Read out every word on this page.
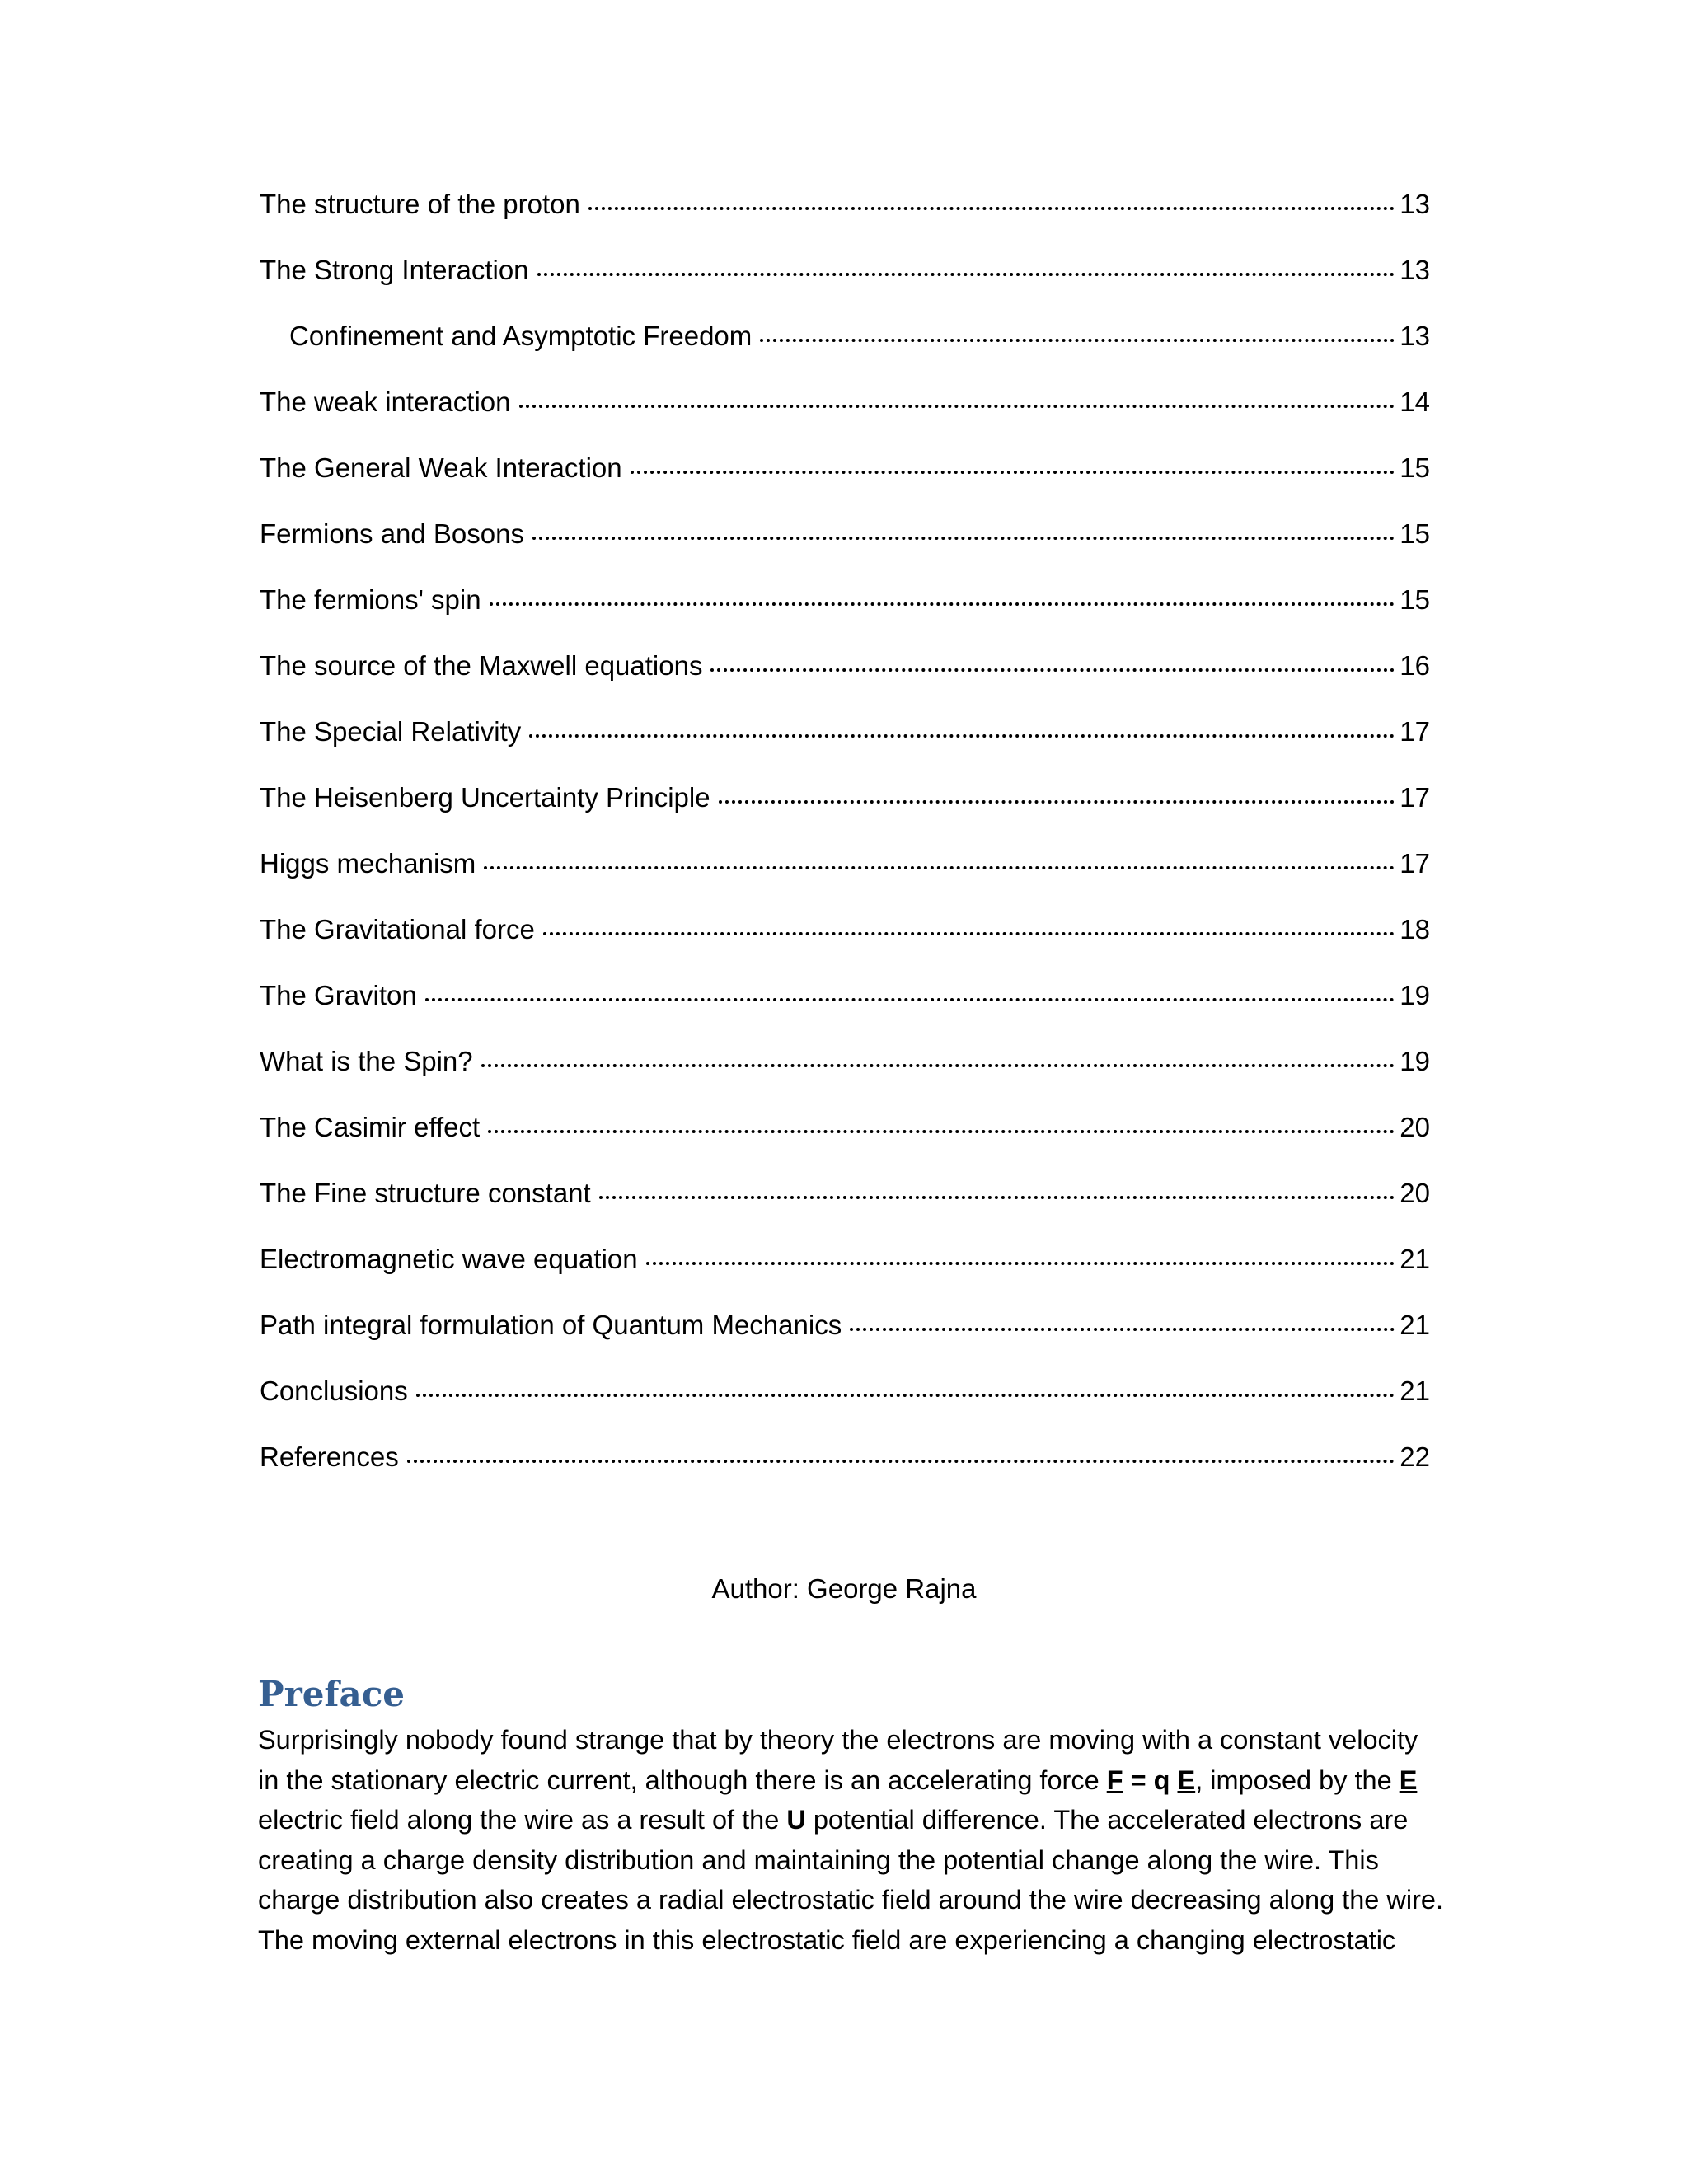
The structure of the proton	13
The Strong Interaction	13
Confinement and Asymptotic Freedom	13
The weak interaction	14
The General Weak Interaction	15
Fermions and Bosons	15
The fermions' spin	15
The source of the Maxwell equations	16
The Special Relativity	17
The Heisenberg Uncertainty Principle	17
Higgs mechanism	17
The Gravitational force	18
The Graviton	19
What is the Spin?	19
The Casimir effect	20
The Fine structure constant	20
Electromagnetic wave equation	21
Path integral formulation of Quantum Mechanics	21
Conclusions	21
References	22
Author: George Rajna
Preface

Surprisingly nobody found strange that by theory the electrons are moving with a constant velocity in the stationary electric current, although there is an accelerating force F = q E, imposed by the E electric field along the wire as a result of the U potential difference. The accelerated electrons are creating a charge density distribution and maintaining the potential change along the wire. This charge distribution also creates a radial electrostatic field around the wire decreasing along the wire. The moving external electrons in this electrostatic field are experiencing a changing electrostatic
